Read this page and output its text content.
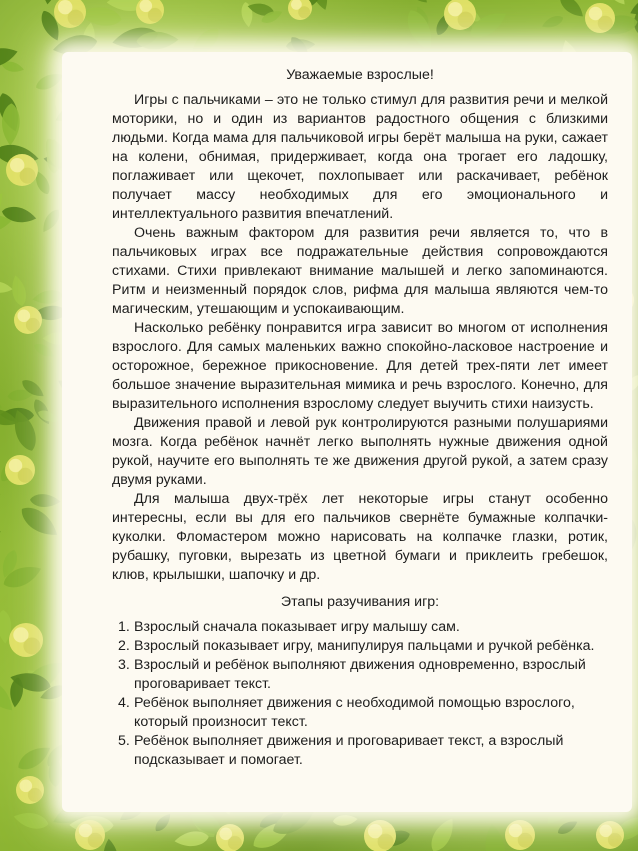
Уважаемые взрослые!

Игры с пальчиками – это не только стимул для развития речи и мелкой моторики, но и один из вариантов радостного общения с близкими людьми. Когда мама для пальчиковой игры берёт малыша на руки, сажает на колени, обнимая, придерживает, когда она трогает его ладошку, поглаживает или щекочет, похлопывает или раскачивает, ребёнок получает массу необходимых для его эмоционального и интеллектуального развития впечатлений.

Очень важным фактором для развития речи является то, что в пальчиковых играх все подражательные действия сопровождаются стихами. Стихи привлекают внимание малышей и легко запоминаются. Ритм и неизменный порядок слов, рифма для малыша являются чем-то магическим, утешающим и успокаивающим.

Насколько ребёнку понравится игра зависит во многом от исполнения взрослого. Для самых маленьких важно спокойно-ласковое настроение и осторожное, бережное прикосновение. Для детей трех-пяти лет имеет большое значение выразительная мимика и речь взрослого. Конечно, для выразительного исполнения взрослому следует выучить стихи наизусть.

Движения правой и левой рук контролируются разными полушариями мозга. Когда ребёнок начнёт легко выполнять нужные движения одной рукой, научите его выполнять те же движения другой рукой, а затем сразу двумя руками.

Для малыша двух-трёх лет некоторые игры станут особенно интересны, если вы для его пальчиков свернёте бумажные колпачки-куколки. Фломастером можно нарисовать на колпачке глазки, ротик, рубашку, пуговки, вырезать из цветной бумаги и приклеить гребешок, клюв, крылышки, шапочку и др.

Этапы разучивания игр:
1. Взрослый сначала показывает игру малышу сам.
2. Взрослый показывает игру, манипулируя пальцами и ручкой ребёнка.
3. Взрослый и ребёнок выполняют движения одновременно, взрослый проговаривает текст.
4. Ребёнок выполняет движения с необходимой помощью взрослого, который произносит текст.
5. Ребёнок выполняет движения и проговаривает текст, а взрослый подсказывает и помогает.
